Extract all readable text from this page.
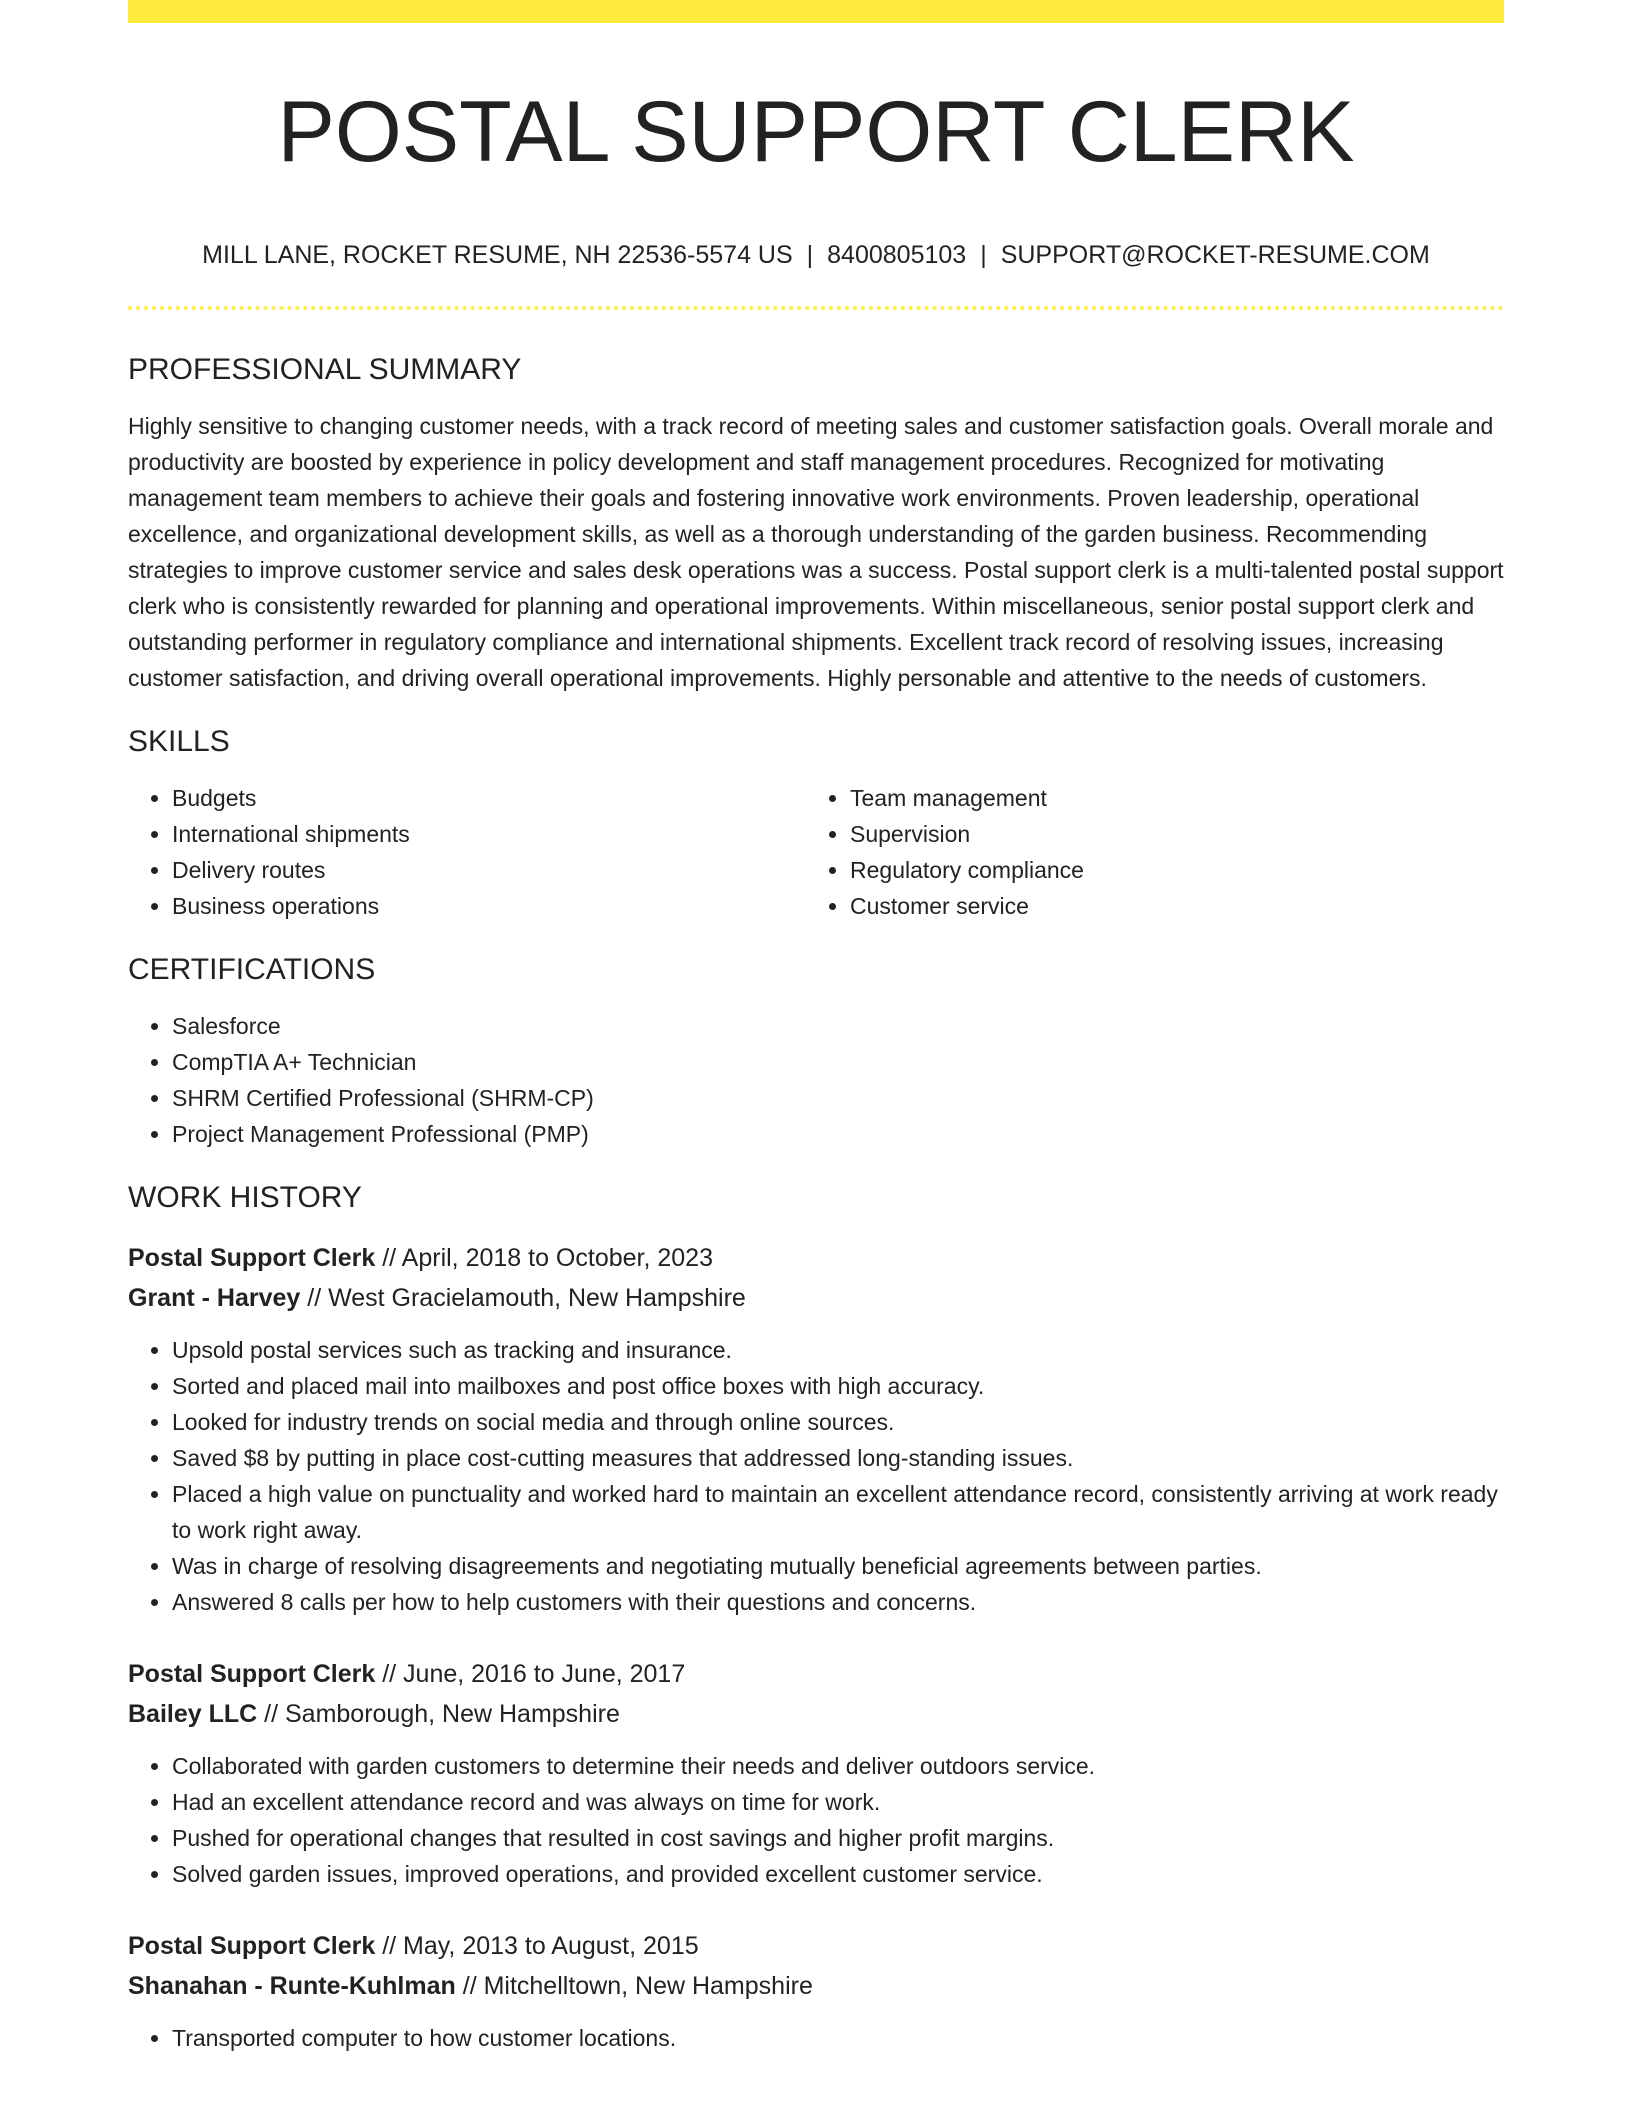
POSTAL SUPPORT CLERK
MILL LANE, ROCKET RESUME, NH 22536-5574 US | 8400805103 | SUPPORT@ROCKET-RESUME.COM
PROFESSIONAL SUMMARY

Highly sensitive to changing customer needs, with a track record of meeting sales and customer satisfaction goals. Overall morale and productivity are boosted by experience in policy development and staff management procedures. Recognized for motivating management team members to achieve their goals and fostering innovative work environments. Proven leadership, operational excellence, and organizational development skills, as well as a thorough understanding of the garden business. Recommending strategies to improve customer service and sales desk operations was a success. Postal support clerk is a multi-talented postal support clerk who is consistently rewarded for planning and operational improvements. Within miscellaneous, senior postal support clerk and outstanding performer in regulatory compliance and international shipments. Excellent track record of resolving issues, increasing customer satisfaction, and driving overall operational improvements. Highly personable and attentive to the needs of customers.

SKILLS
• Budgets
• International shipments
• Delivery routes
• Business operations
• Team management
• Supervision
• Regulatory compliance
• Customer service
CERTIFICATIONS
• Salesforce
• CompTIA A+ Technician
• SHRM Certified Professional (SHRM-CP)
• Project Management Professional (PMP)
WORK HISTORY
Postal Support Clerk // April, 2018 to October, 2023
Grant - Harvey // West Gracielamouth, New Hampshire
• Upsold postal services such as tracking and insurance.
• Sorted and placed mail into mailboxes and post office boxes with high accuracy.
• Looked for industry trends on social media and through online sources.
• Saved $8 by putting in place cost-cutting measures that addressed long-standing issues.
• Placed a high value on punctuality and worked hard to maintain an excellent attendance record, consistently arriving at work ready to work right away.
• Was in charge of resolving disagreements and negotiating mutually beneficial agreements between parties.
• Answered 8 calls per how to help customers with their questions and concerns.
Postal Support Clerk // June, 2016 to June, 2017
Bailey LLC // Samborough, New Hampshire
• Collaborated with garden customers to determine their needs and deliver outdoors service.
• Had an excellent attendance record and was always on time for work.
• Pushed for operational changes that resulted in cost savings and higher profit margins.
• Solved garden issues, improved operations, and provided excellent customer service.
Postal Support Clerk // May, 2013 to August, 2015
Shanahan - Runte-Kuhlman // Mitchelltown, New Hampshire
• Transported computer to how customer locations.
